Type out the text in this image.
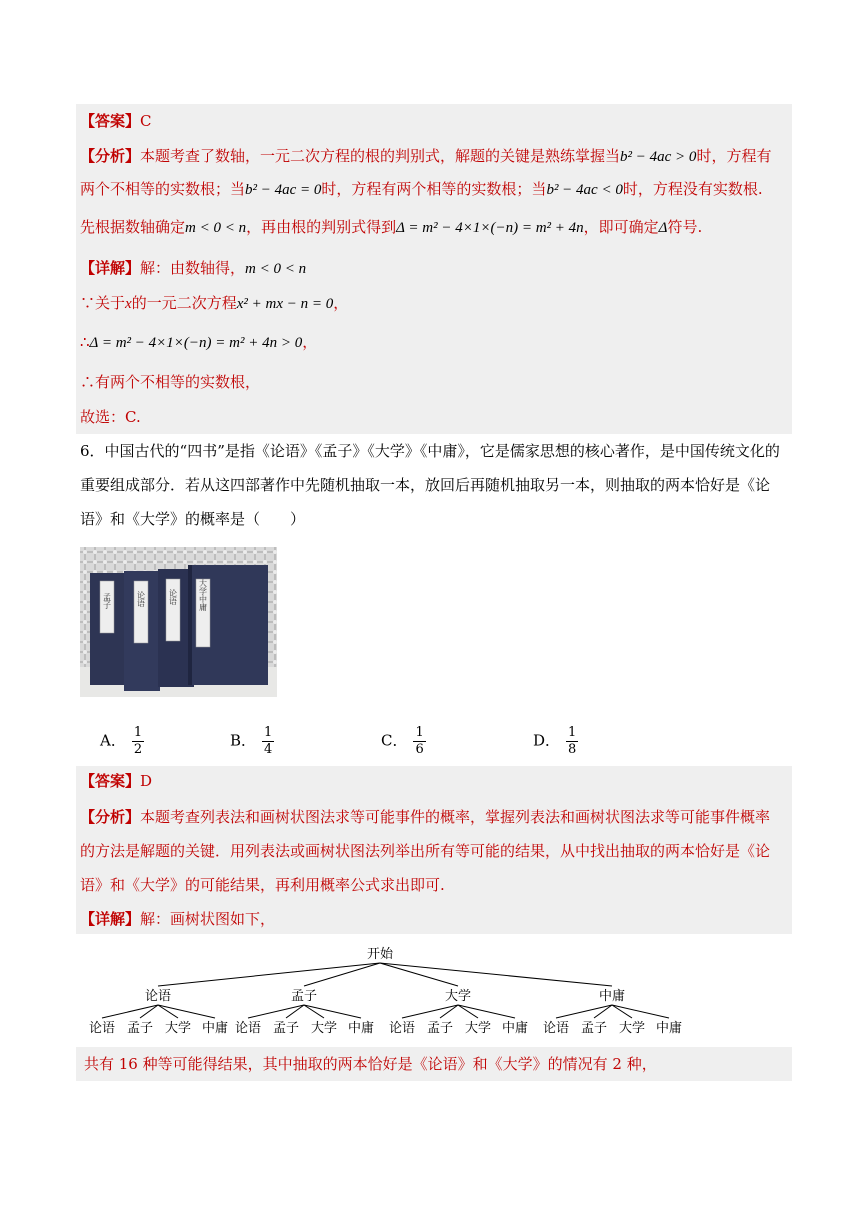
【答案】C
【分析】本题考查了数轴，一元二次方程的根的判别式，解题的关键是熟练掌握当b² − 4ac > 0时，方程有
两个不相等的实数根；当b² − 4ac = 0时，方程有两个相等的实数根；当b² − 4ac < 0时，方程没有实数根.
先根据数轴确定m < 0 < n，再由根的判别式得到Δ = m² − 4×1×(−n) = m² + 4n，即可确定Δ符号.
【详解】解：由数轴得，m < 0 < n
∵关于x的一元二次方程x² + mx − n = 0，
∴Δ = m² − 4×1×(−n) = m² + 4n > 0，
∴有两个不相等的实数根，
故选：C.
6．中国古代的“四书”是指《论语》《孟子》《大学》《中庸》，它是儒家思想的核心著作，是中国传统文化的
重要组成部分．若从这四部著作中先随机抽取一本，放回后再随机抽取另一本，则抽取的两本恰好是《论
语》和《大学》的概率是（　　）
孟子	论语	论语	大学中庸
A． $\frac{1}{2}$	B． $\frac{1}{4}$	C． $\frac{1}{6}$	D． $\frac{1}{8}$
【答案】D
【分析】本题考查列表法和画树状图法求等可能事件的概率，掌握列表法和画树状图法求等可能事件概率
的方法是解题的关键．用列表法或画树状图法列举出所有等可能的结果，从中找出抽取的两本恰好是《论
语》和《大学》的可能结果，再利用概率公式求出即可.
【详解】解：画树状图如下，
开始
论语
论语 孟子 大学 中庸
孟子
论语 孟子 大学 中庸
大学
论语 孟子 大学 中庸
中庸
论语 孟子 大学 中庸
共有 16 种等可能得结果，其中抽取的两本恰好是《论语》和《大学》的情况有 2 种，
